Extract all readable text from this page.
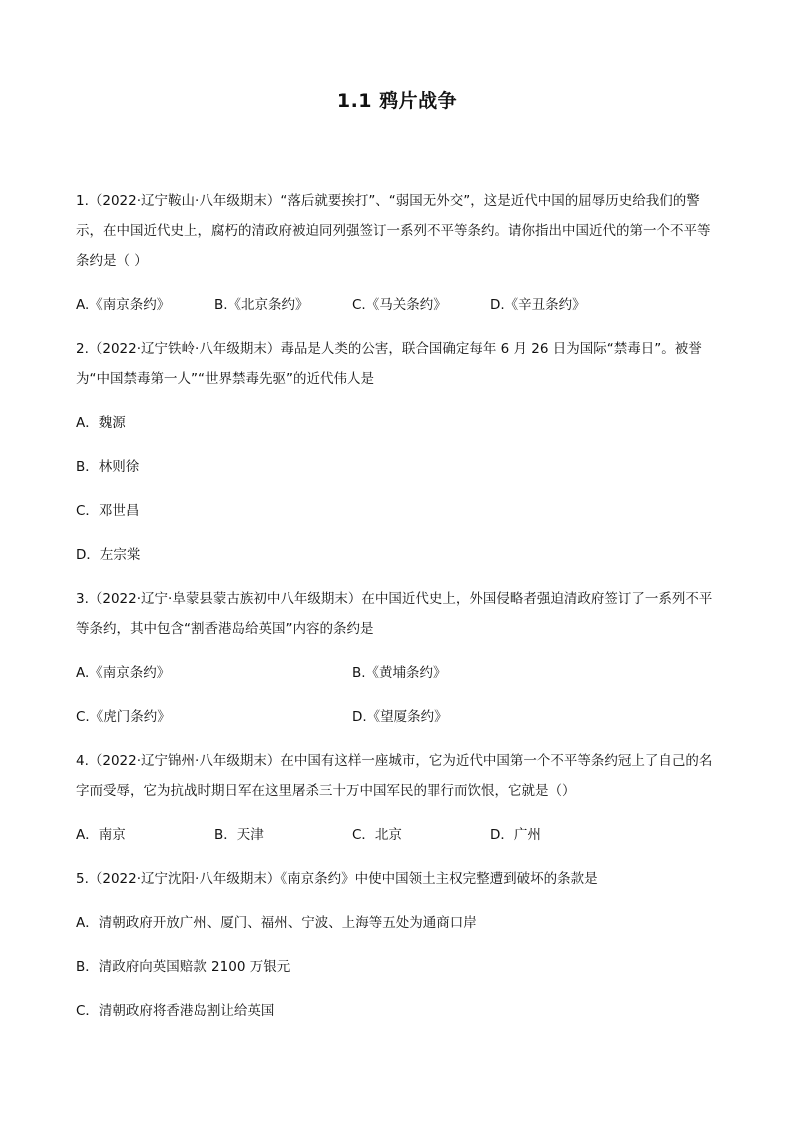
1.1 鸦片战争

1.（2022·辽宁鞍山·八年级期末）“落后就要挨打”、“弱国无外交”，这是近代中国的屈辱历史给我们的警示，在中国近代史上，腐朽的清政府被迫同列强签订一系列不平等条约。请你指出中国近代的第一个不平等条约是（ ）

A.《南京条约》	B.《北京条约》	C.《马关条约》	D.《辛丑条约》

2.（2022·辽宁铁岭·八年级期末）毒品是人类的公害，联合国确定每年 6 月 26 日为国际“禁毒日”。被誉为“中国禁毒第一人”“世界禁毒先驱”的近代伟人是

A．魏源
B．林则徐
C．邓世昌
D．左宗棠

3.（2022·辽宁·阜蒙县蒙古族初中八年级期末）在中国近代史上，外国侵略者强迫清政府签订了一系列不平等条约，其中包含“割香港岛给英国”内容的条约是

A.《南京条约》	B.《黄埔条约》
C.《虎门条约》	D.《望厦条约》

4.（2022·辽宁锦州·八年级期末）在中国有这样一座城市，它为近代中国第一个不平等条约冠上了自己的名字而受辱，它为抗战时期日军在这里屠杀三十万中国军民的罪行而饮恨，它就是（）

A．南京	B．天津	C．北京	D．广州

5.（2022·辽宁沈阳·八年级期末）《南京条约》中使中国领土主权完整遭到破坏的条款是

A．清朝政府开放广州、厦门、福州、宁波、上海等五处为通商口岸
B．清政府向英国赔款 2100 万银元
C．清朝政府将香港岛割让给英国
